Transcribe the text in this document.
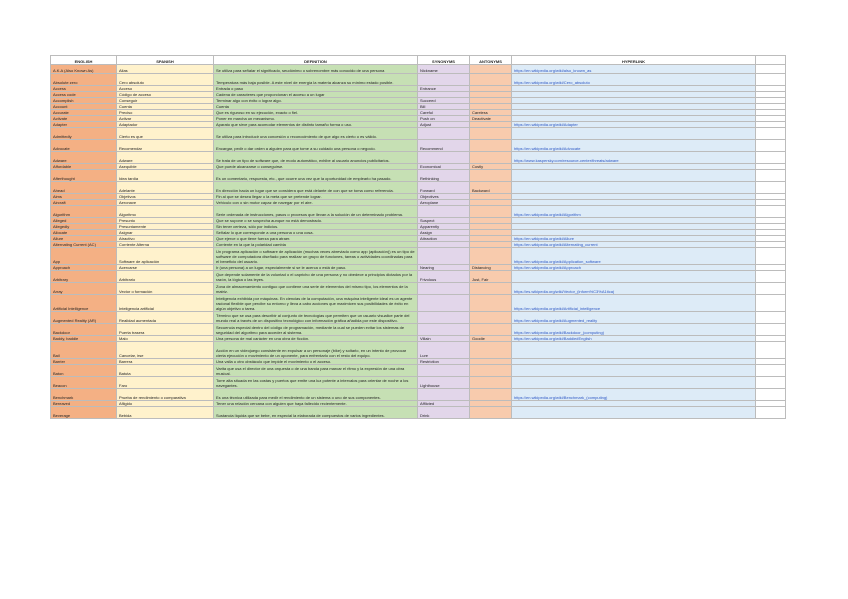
ENGLISH	SPANISH	DEFINITION	SYNONYMS	ANTONYMS	HYPERLINK	
A.K.A (Also Known As)	Alias	Se utiliza para señalar el significado, seudónimo o sobrenombre más conocido de una persona	Nickname		https://en.wikipedia.org/wiki/also_known_as	
Absolute zero	Cero absoluto	Temperatura más baja posible. A este nivel de energía la materia alcanza su mínimo estado posible.			https://en.wikipedia.org/wiki/Cero_absoluto	
Access	Acceso	Entrada o paso	Entrance			
Access code	Código de acceso	Cadena de caracteres que proporcionan el acceso a un lugar				
Accomplish	Conseguir	Terminar algo con éxito o lograr algo.	Succeed			
Account	Cuenta	Cuenta	Bill			
Accurate	Preciso	Que es riguroso en su ejecución, exacto o fiel.	Careful	Careless		
Activate	Activar	Poner en marcha un mecanismo.	Push on	Deactivate		
Adapter	Adaptador	Aparato que sirve para acomodar elementos de distinto tamaño forma o uso.	Adjust		https://en.wikipedia.org/wiki/Adapter	
Admittedly	Cierto es que	Se utiliza para introducir una concesión o reconocimiento de que algo es cierto o es válido.				
Advocate	Recomendar	Encargar, pedir o dar orden a alguien para que tome a su cuidado una persona o negocio.	Recommend		https://en.wikipedia.org/wiki/Advocate	
Adware	Adware	Se trata de un tipo de software que, de modo automático, exhibe al usuario anuncios publicitarios.			https://www.kaspersky.com/resource-center/threats/adware	
Affordable	Asequible	Que puede alcanzarse o conseguirse.	Economical	Costly		
Afterthought	Idea tardía	Es un comentario, respuesta, etc., que ocurre una vez que la oportunidad de emplearlo ha pasado.	Rethinking			
Ahead	Adelante	En dirección hacia un lugar que se considera que está delante de con que se toma como referencia.	Forward	Backward		
Aims	Objetivos	Fin al que se desea llegar o la meta que se pretende lograr.	Objectives			
Aircraft	Aeronave	Vehículo con o sin motor capaz de navegar por el aire.	Aeroplane			
Algorithm	Algoritmo	Serie ordenada de instrucciones, pasos o procesos que llevan a la solución de un determinado problema.			https://en.wikipedia.org/wiki/Algorithm	
Alleged	Presunto	Que se supone o se sospecha aunque no está demostrado.	Suspect			
Allegedly	Presuntamente	Sin tener certeza, sólo por indicios.	Apparently			
Allocate	Asignar	Señalar lo que corresponde a una persona o una cosa.	Assign			
Allure	Atractivo	Que ejerce o que tiene fuerza para atraer.	Attraction		https://en.wikipedia.org/wiki/Allure	
Alternating Current (AC)	Corriente Alterna	Corriente en la que la polaridad cambia			https://en.wikipedia.org/wiki/Alternating_current	
App	Software de aplicación	Un programa aplicación o software de aplicación (muchas veces abreviado como app (aplicación)) es un tipo de software de computadora diseñado para realizar un grupo de funciones, tareas o actividades coordinadas para el beneficio del usuario.			https://en.wikipedia.org/wiki/Application_software	
Approach	Acercarse	Ir (una persona) a un lugar, especialmente si se le acerca o está de paso.	Nearing	Distancing	https://en.wikipedia.org/wiki/Approach	
Arbitrary	Arbitrario	Que depende solamente de la voluntad o el capricho de una persona y no obedece a principios dictados por la razón, la lógica o las leyes.	Frivolous	Just, Fair		
Array	Vector o formación	Zona de almacenamiento contiguo que contiene una serie de elementos del mismo tipo, los elementos de la matriz.			https://es.wikipedia.org/wiki/Vector_(inform%C3%A1tica)	
Artificial Intelligence	Inteligencia artificial	Inteligencia exhibida por máquinas. En ciencias de la computación, una máquina inteligente ideal es un agente racional flexible que percibe su entorno y lleva a cabo acciones que maximicen sus posibilidades de éxito en algún objetivo o tarea.			https://en.wikipedia.org/wiki/Artificial_intelligence	
Augmented Reality (AR)	Realidad aumentada	Término que se usa para describir al conjunto de tecnologías que permiten que un usuario visualice parte del mundo real a través de un dispositivo tecnológico con información gráfica añadida por este dispositivo.			https://en.wikipedia.org/wiki/Augmented_reality	
Backdoor	Puerta trasera	Secuencia especial dentro del código de programación, mediante la cual se pueden evitar los sistemas de seguridad del algoritmo para acceder al sistema.			https://en.wikipedia.org/wiki/Backdoor_(computing)	
Baddy, baddie	Malo	Una persona de mal carácter en una obra de ficción.	Villain	Goodie	https://en.wikipedia.org/wiki/Baddie#English	
Bail	Cancelar, irse	Acción en un videojuego consistente en expulsar a un personaje (bike) y soltarlo, en un intento de provocar cierta ejecución o movimiento de un oponente, para enfrentarlo con el resto del equipo.	Lure			
Barrier	Barrera	Una valla u otro obstáculo que impide el movimiento o el acceso.	Restriction			
Baton	Batuta	Varita que usa el director de una orquesta o de una banda para marcar el ritmo y la expresión de una obra musical.				
Beacon	Faro	Torre alta situada en las costas y puertos que emite una luz potente a intervalos para orientar de noche a los navegantes.	Lighthouse			
Benchmark	Prueba de rendimiento o comparativa	Es una técnica utilizada para medir el rendimiento de un sistema o uno de sus componentes.			https://en.wikipedia.org/wiki/Benchmark_(computing)	
Bereaved	Afligido	Tener una relación cercana con alguien que haya fallecido recientemente.	Afflicted			
Beverage	Bebida	Sustancia líquida que se bebe, en especial la elaborada de compuestos de varios ingredientes.	Drink			
